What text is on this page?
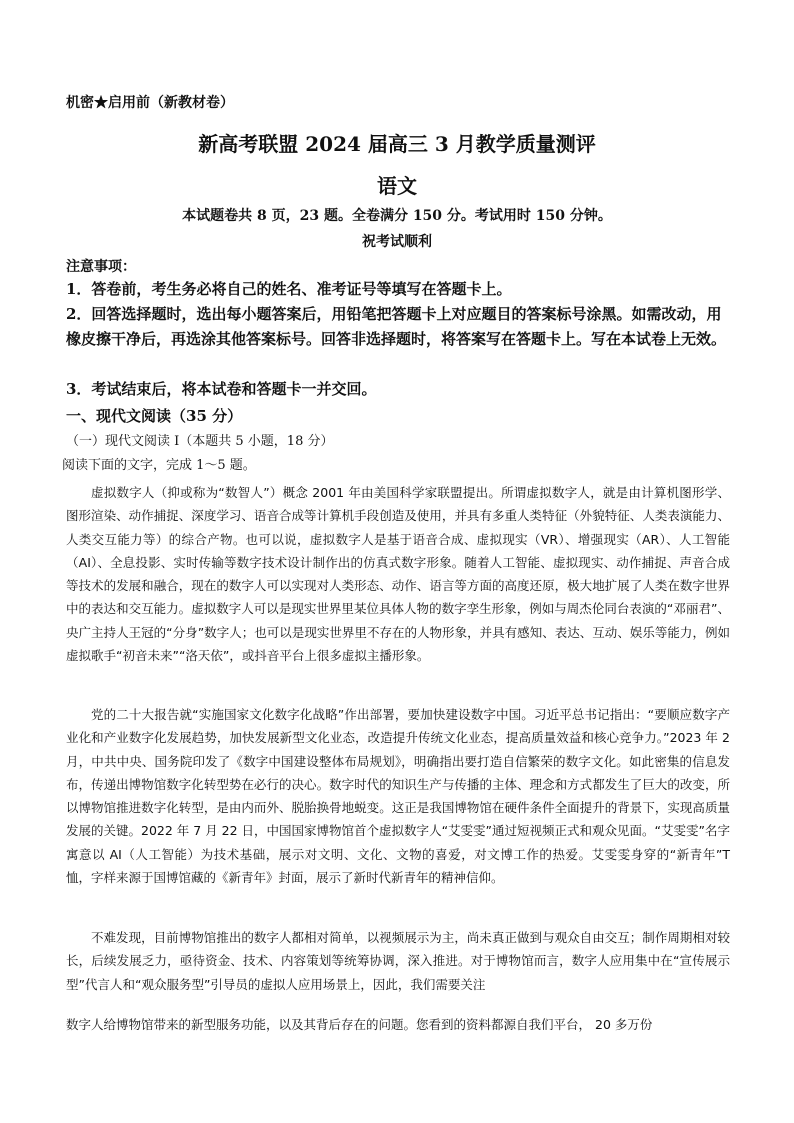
机密★启用前（新教材卷）
新高考联盟 2024 届高三 3 月教学质量测评
语文
本试题卷共 8 页，23 题。全卷满分 150 分。考试用时 150 分钟。
祝考试顺利
注意事项：
1．答卷前，考生务必将自己的姓名、准考证号等填写在答题卡上。
2．回答选择题时，选出每小题答案后，用铅笔把答题卡上对应题目的答案标号涂黑。如需改动，用橡皮擦干净后，再选涂其他答案标号。回答非选择题时，将答案写在答题卡上。写在本试卷上无效。
3．考试结束后，将本试卷和答题卡一并交回。
一、现代文阅读（35 分）
（一）现代文阅读 I（本题共 5 小题，18 分）
阅读下面的文字，完成 1～5 题。
虚拟数字人（抑或称为“数智人”）概念 2001 年由美国科学家联盟提出。所谓虚拟数字人，就是由计算机图形学、图形渲染、动作捕捉、深度学习、语音合成等计算机手段创造及使用，并具有多重人类特征（外貌特征、人类表演能力、人类交互能力等）的综合产物。也可以说，虚拟数字人是基于语音合成、虚拟现实（VR）、增强现实（AR）、人工智能（AI）、全息投影、实时传输等数字技术设计制作出的仿真式数字形象。随着人工智能、虚拟现实、动作捕捉、声音合成等技术的发展和融合，现在的数字人可以实现对人类形态、动作、语言等方面的高度还原，极大地扩展了人类在数字世界中的表达和交互能力。虚拟数字人可以是现实世界里某位具体人物的数字孪生形象，例如与周杰伦同台表演的“邓丽君”、央广主持人王冠的“分身”数字人；也可以是现实世界里不存在的人物形象，并具有感知、表达、互动、娱乐等能力，例如虚拟歌手“初音未来”“洛天依”，或抖音平台上很多虚拟主播形象。
党的二十大报告就“实施国家文化数字化战略”作出部署，要加快建设数字中国。习近平总书记指出：“要顺应数字产业化和产业数字化发展趋势，加快发展新型文化业态，改造提升传统文化业态，提高质量效益和核心竞争力。”2023 年 2 月，中共中央、国务院印发了《数字中国建设整体布局规划》，明确指出要打造自信繁荣的数字文化。如此密集的信息发布，传递出博物馆数字化转型势在必行的决心。数字时代的知识生产与传播的主体、理念和方式都发生了巨大的改变，所以博物馆推进数字化转型，是由内而外、脱胎换骨地蜕变。这正是我国博物馆在硬件条件全面提升的背景下，实现高质量发展的关键。2022 年 7 月 22 日，中国国家博物馆首个虚拟数字人“艾雯雯”通过短视频正式和观众见面。“艾雯雯”名字寓意以 AI（人工智能）为技术基础，展示对文明、文化、文物的喜爱，对文博工作的热爱。艾雯雯身穿的“新青年”T 恤，字样来源于国博馆藏的《新青年》封面，展示了新时代新青年的精神信仰。
不难发现，目前博物馆推出的数字人都相对简单，以视频展示为主，尚未真正做到与观众自由交互；制作周期相对较长，后续发展乏力，亟待资金、技术、内容策划等统筹协调，深入推进。对于博物馆而言，数字人应用集中在“宣传展示型”代言人和“观众服务型”引导员的虚拟人应用场景上，因此，我们需要关注
数字人给博物馆带来的新型服务功能，以及其背后存在的问题。您看到的资料都源自我们平台， 20 多万份
